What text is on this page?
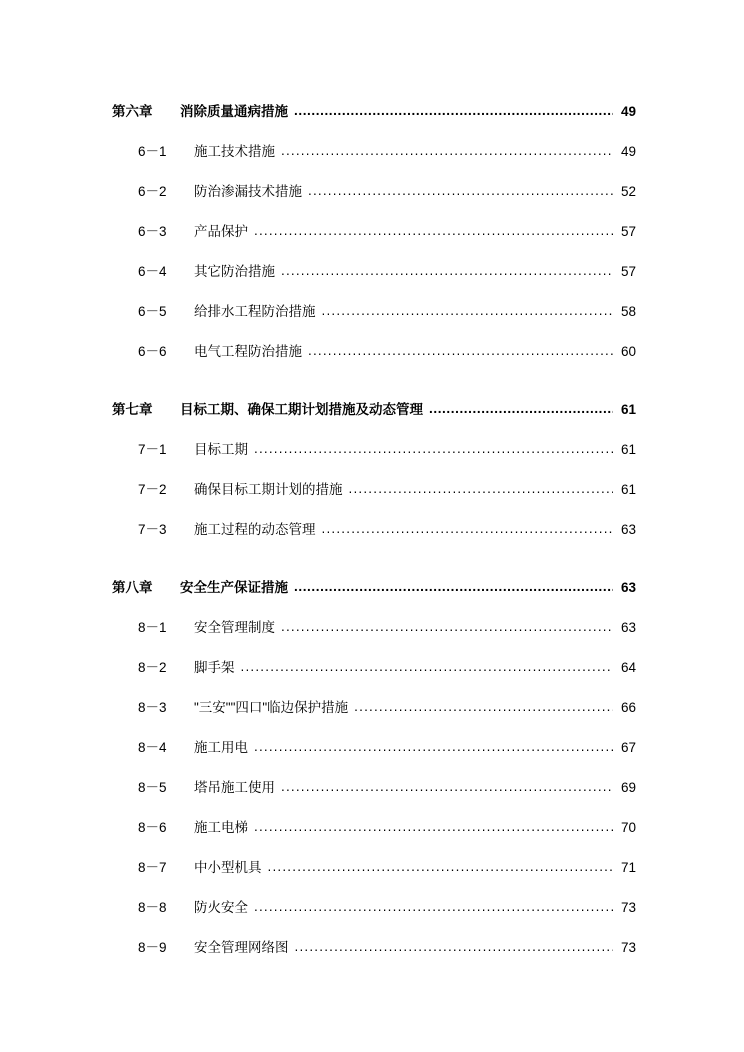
第六章	消除质量通病措施 .....	49
6－1	施工技术措施 .....	49
6－2	防治渗漏技术措施 .....	52
6－3	产品保护 .....	57
6－4	其它防治措施 .....	57
6－5	给排水工程防治措施 .....	58
6－6	电气工程防治措施 .....	60
第七章	目标工期、确保工期计划措施及动态管理 .....	61
7－1	目标工期 .....	61
7－2	确保目标工期计划的措施 .....	61
7－3	施工过程的动态管理 .....	63
第八章	安全生产保证措施 .....	63
8－1	安全管理制度 .....	63
8－2	脚手架 .....	64
8－3	"三安""四口"临边保护措施 .....	66
8－4	施工用电 .....	67
8－5	塔吊施工使用 .....	69
8－6	施工电梯 .....	70
8－7	中小型机具 .....	71
8－8	防火安全 .....	73
8－9	安全管理网络图 .....	73
